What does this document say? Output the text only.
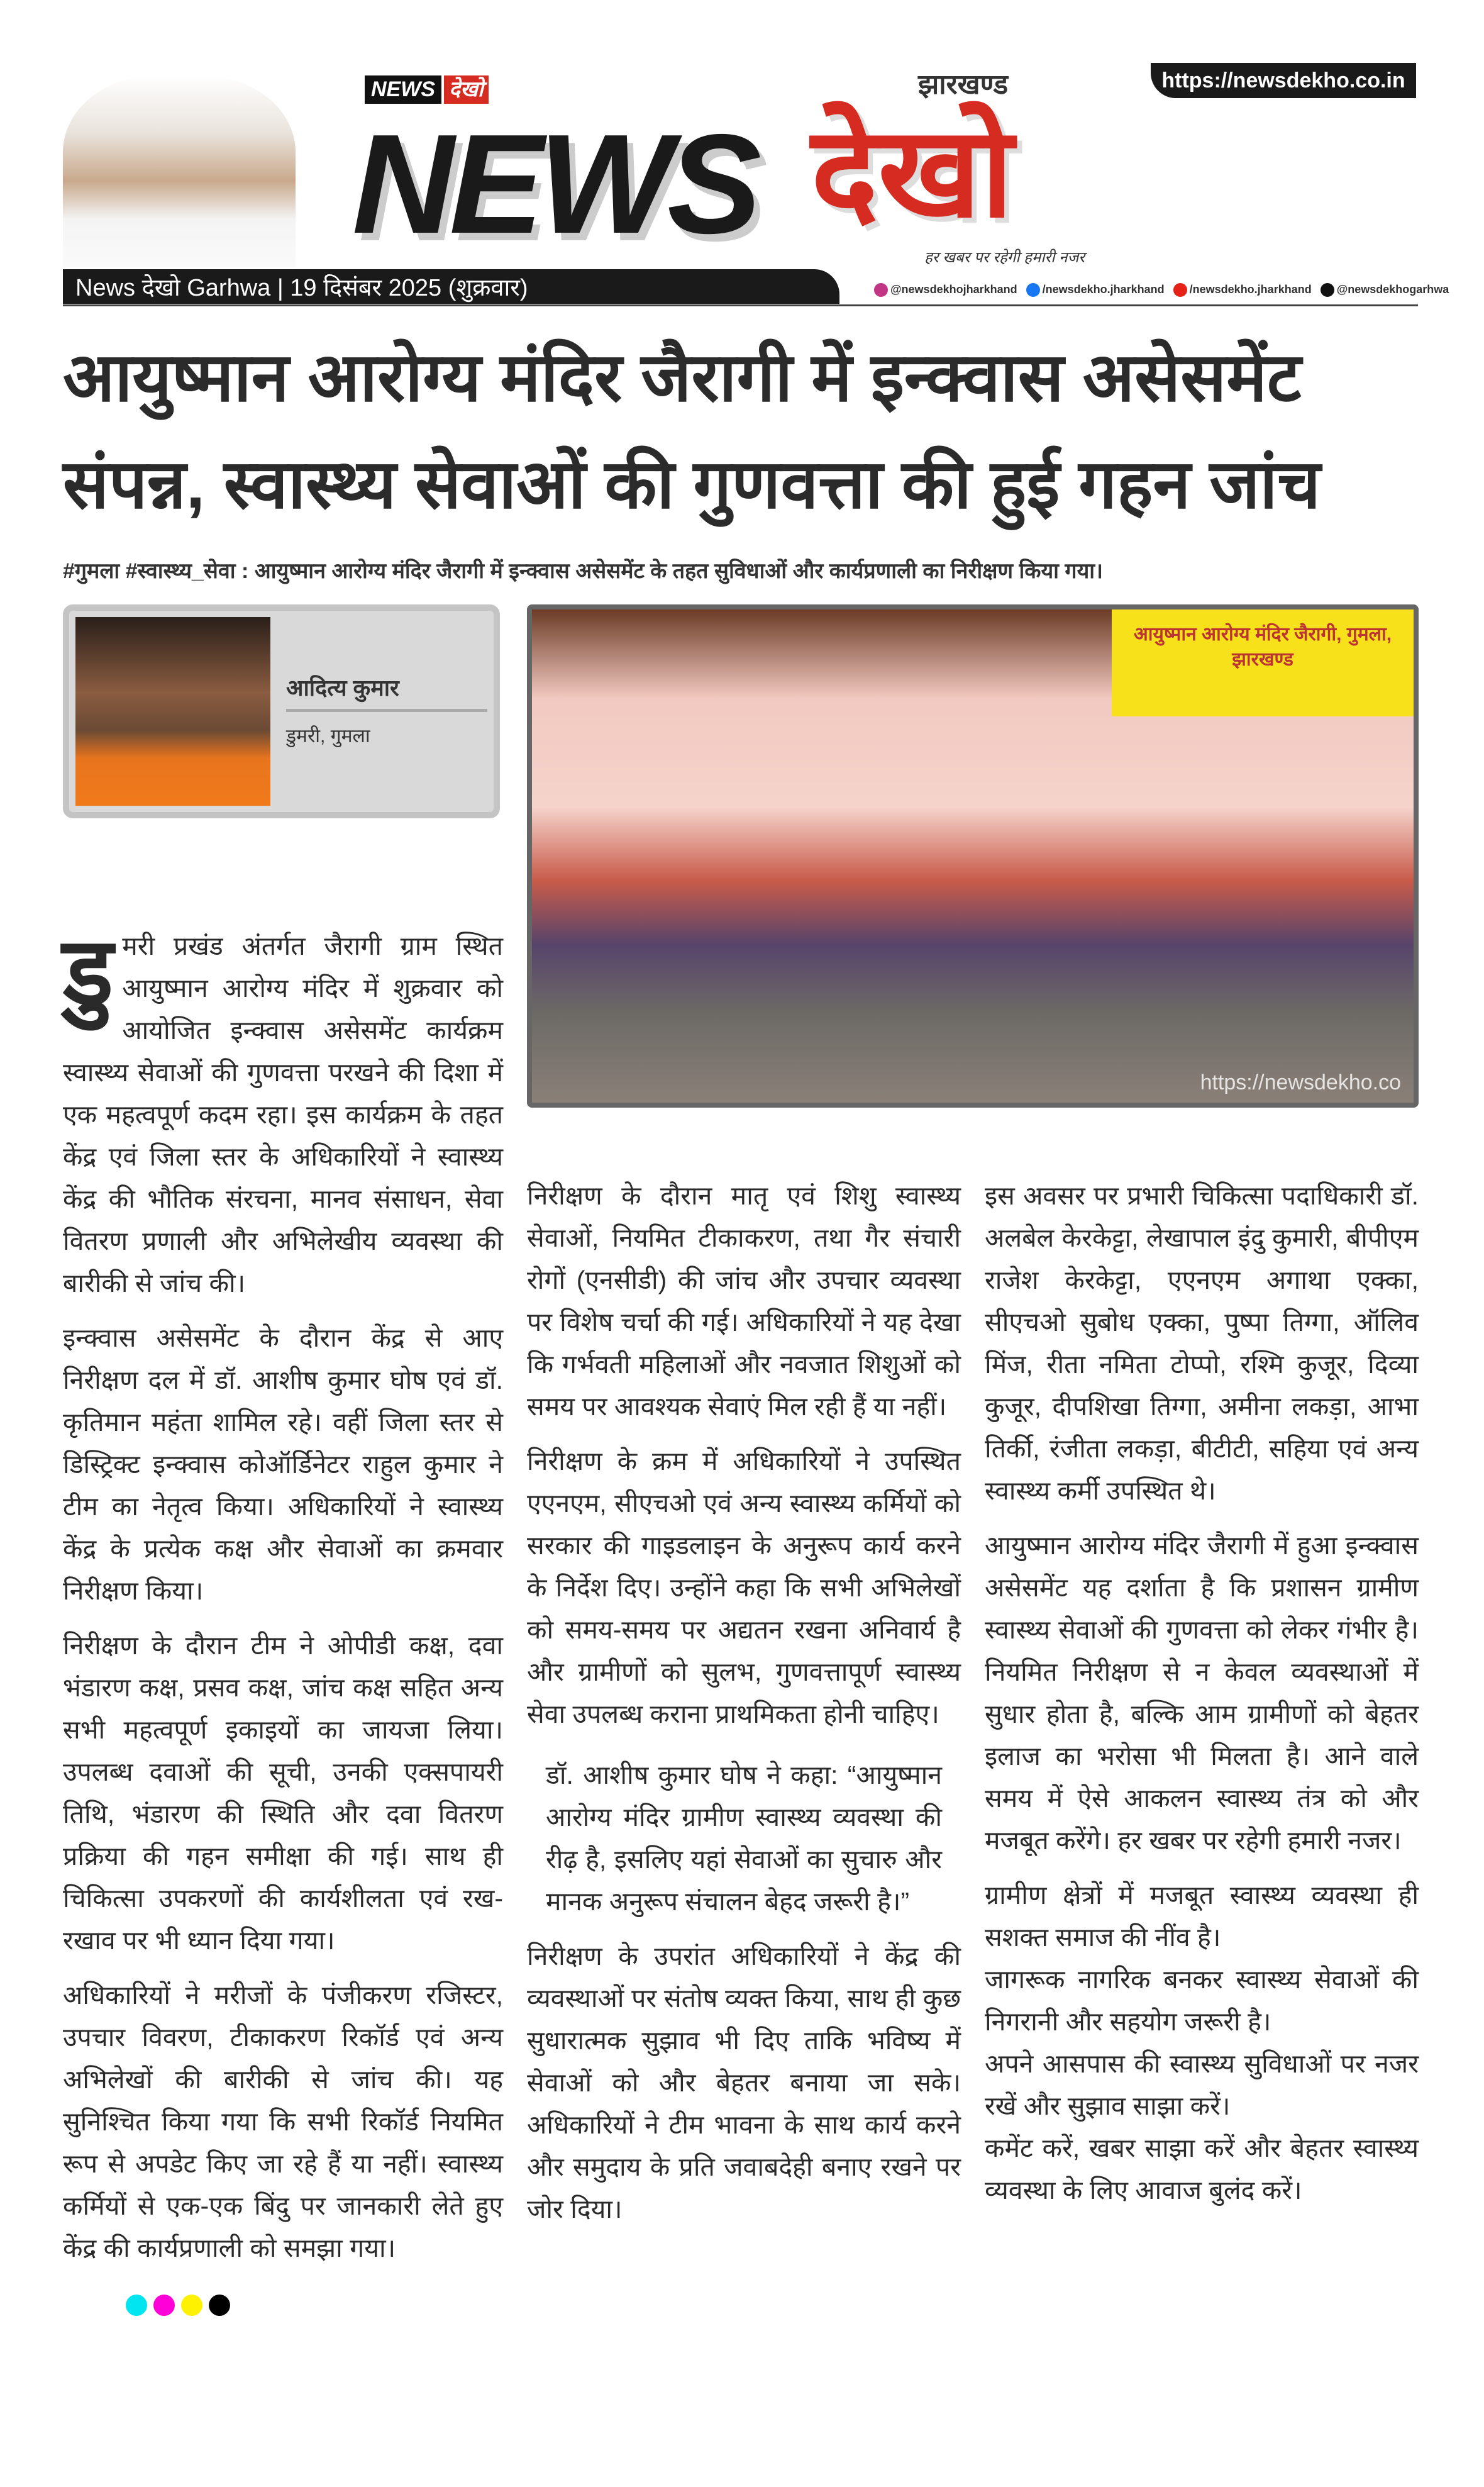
https://newsdekho.co.in
NEWS देखो
NEWS
झारखण्ड
देखो
हर खबर पर रहेगी हमारी नजर
News देखो Garhwa | 19 दिसंबर 2025 (शुक्रवार)	@newsdekhojharkhand	/newsdekho.jharkhand	/newsdekho.jharkhand	@newsdekhogarhwa
आयुष्मान आरोग्य मंदिर जैरागी में इन्क्वास असेसमेंट संपन्न, स्वास्थ्य सेवाओं की गुणवत्ता की हुई गहन जांच
#गुमला #स्वास्थ्य_सेवा : आयुष्मान आरोग्य मंदिर जैरागी में इन्क्वास असेसमेंट के तहत सुविधाओं और कार्यप्रणाली का निरीक्षण किया गया।
आदित्य कुमार
डुमरी, गुमला

डुमरी प्रखंड अंतर्गत जैरागी ग्राम स्थित आयुष्मान आरोग्य मंदिर में शुक्रवार को आयोजित इन्क्वास असेसमेंट कार्यक्रम स्वास्थ्य सेवाओं की गुणवत्ता परखने की दिशा में एक महत्वपूर्ण कदम रहा। इस कार्यक्रम के तहत केंद्र एवं जिला स्तर के अधिकारियों ने स्वास्थ्य केंद्र की भौतिक संरचना, मानव संसाधन, सेवा वितरण प्रणाली और अभिलेखीय व्यवस्था की बारीकी से जांच की।

इन्क्वास असेसमेंट के दौरान केंद्र से आए निरीक्षण दल में डॉ. आशीष कुमार घोष एवं डॉ. कृतिमान महंता शामिल रहे। वहीं जिला स्तर से डिस्ट्रिक्ट इन्क्वास कोऑर्डिनेटर राहुल कुमार ने टीम का नेतृत्व किया। अधिकारियों ने स्वास्थ्य केंद्र के प्रत्येक कक्ष और सेवाओं का क्रमवार निरीक्षण किया।

निरीक्षण के दौरान टीम ने ओपीडी कक्ष, दवा भंडारण कक्ष, प्रसव कक्ष, जांच कक्ष सहित अन्य सभी महत्वपूर्ण इकाइयों का जायजा लिया। उपलब्ध दवाओं की सूची, उनकी एक्सपायरी तिथि, भंडारण की स्थिति और दवा वितरण प्रक्रिया की गहन समीक्षा की गई। साथ ही चिकित्सा उपकरणों की कार्यशीलता एवं रख-रखाव पर भी ध्यान दिया गया।

अधिकारियों ने मरीजों के पंजीकरण रजिस्टर, उपचार विवरण, टीकाकरण रिकॉर्ड एवं अन्य अभिलेखों की बारीकी से जांच की। यह सुनिश्चित किया गया कि सभी रिकॉर्ड नियमित रूप से अपडेट किए जा रहे हैं या नहीं। स्वास्थ्य कर्मियों से एक-एक बिंदु पर जानकारी लेते हुए केंद्र की कार्यप्रणाली को समझा गया।

आयुष्मान आरोग्य मंदिर जैरागी, गुमला, झारखण्ड
https://newsdekho.co

निरीक्षण के दौरान मातृ एवं शिशु स्वास्थ्य सेवाओं, नियमित टीकाकरण, तथा गैर संचारी रोगों (एनसीडी) की जांच और उपचार व्यवस्था पर विशेष चर्चा की गई। अधिकारियों ने यह देखा कि गर्भवती महिलाओं और नवजात शिशुओं को समय पर आवश्यक सेवाएं मिल रही हैं या नहीं।

निरीक्षण के क्रम में अधिकारियों ने उपस्थित एएनएम, सीएचओ एवं अन्य स्वास्थ्य कर्मियों को सरकार की गाइडलाइन के अनुरूप कार्य करने के निर्देश दिए। उन्होंने कहा कि सभी अभिलेखों को समय-समय पर अद्यतन रखना अनिवार्य है और ग्रामीणों को सुलभ, गुणवत्तापूर्ण स्वास्थ्य सेवा उपलब्ध कराना प्राथमिकता होनी चाहिए।

डॉ. आशीष कुमार घोष ने कहा: “आयुष्मान आरोग्य मंदिर ग्रामीण स्वास्थ्य व्यवस्था की रीढ़ है, इसलिए यहां सेवाओं का सुचारु और मानक अनुरूप संचालन बेहद जरूरी है।”

निरीक्षण के उपरांत अधिकारियों ने केंद्र की व्यवस्थाओं पर संतोष व्यक्त किया, साथ ही कुछ सुधारात्मक सुझाव भी दिए ताकि भविष्य में सेवाओं को और बेहतर बनाया जा सके। अधिकारियों ने टीम भावना के साथ कार्य करने और समुदाय के प्रति जवाबदेही बनाए रखने पर जोर दिया।

इस अवसर पर प्रभारी चिकित्सा पदाधिकारी डॉ. अलबेल केरकेट्टा, लेखापाल इंदु कुमारी, बीपीएम राजेश केरकेट्टा, एएनएम अगाथा एक्का, सीएचओ सुबोध एक्का, पुष्पा तिग्गा, ऑलिव मिंज, रीता नमिता टोप्पो, रश्मि कुजूर, दिव्या कुजूर, दीपशिखा तिग्गा, अमीना लकड़ा, आभा तिर्की, रंजीता लकड़ा, बीटीटी, सहिया एवं अन्य स्वास्थ्य कर्मी उपस्थित थे।

आयुष्मान आरोग्य मंदिर जैरागी में हुआ इन्क्वास असेसमेंट यह दर्शाता है कि प्रशासन ग्रामीण स्वास्थ्य सेवाओं की गुणवत्ता को लेकर गंभीर है। नियमित निरीक्षण से न केवल व्यवस्थाओं में सुधार होता है, बल्कि आम ग्रामीणों को बेहतर इलाज का भरोसा भी मिलता है। आने वाले समय में ऐसे आकलन स्वास्थ्य तंत्र को और मजबूत करेंगे। हर खबर पर रहेगी हमारी नजर।

ग्रामीण क्षेत्रों में मजबूत स्वास्थ्य व्यवस्था ही सशक्त समाज की नींव है।

जागरूक नागरिक बनकर स्वास्थ्य सेवाओं की निगरानी और सहयोग जरूरी है।

अपने आसपास की स्वास्थ्य सुविधाओं पर नजर रखें और सुझाव साझा करें।

कमेंट करें, खबर साझा करें और बेहतर स्वास्थ्य व्यवस्था के लिए आवाज बुलंद करें।
